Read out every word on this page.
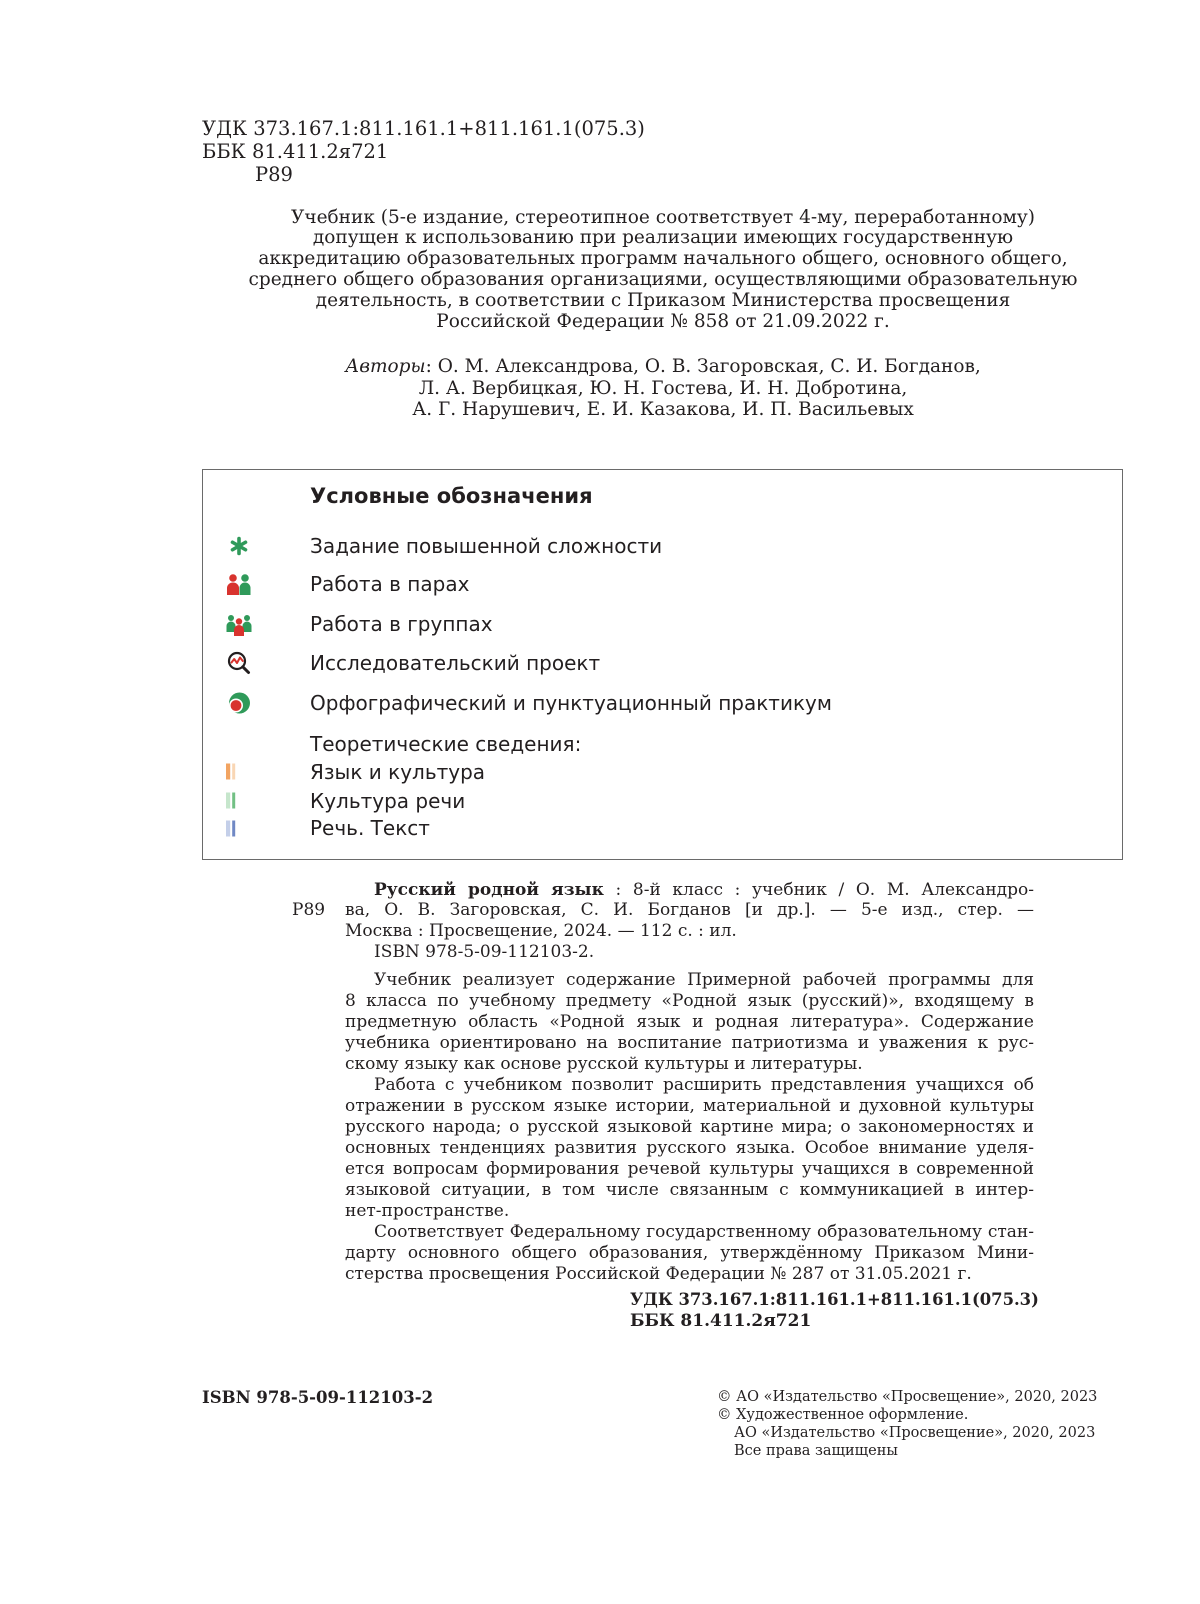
УДК 373.167.1:811.161.1+811.161.1(075.3)
ББК 81.411.2я721
Р89
Учебник (5-е издание, стереотипное соответствует 4-му, переработанному)
допущен к использованию при реализации имеющих государственную
аккредитацию образовательных программ начального общего, основного общего,
среднего общего образования организациями, осуществляющими образовательную
деятельность, в соответствии с Приказом Министерства просвещения
Российской Федерации № 858 от 21.09.2022 г.
Авторы: О. М. Александрова, О. В. Загоровская, С. И. Богданов,
Л. А. Вербицкая, Ю. Н. Гостева, И. Н. Добротина,
А. Г. Нарушевич, Е. И. Казакова, И. П. Васильевых
Условные обозначения
Задание повышенной сложности
Работа в парах
Работа в группах
Исследовательский проект
Орфографический и пунктуационный практикум
Теоретические сведения:
Язык и культура
Культура речи
Речь. Текст
Р89
Русский родной язык : 8-й класс : учебник / О. М. Александро-
ва, О. В. Загоровская, С. И. Богданов [и др.]. — 5-е изд., стер. —
Москва : Просвещение, 2024. — 112 с. : ил.
ISBN 978-5-09-112103-2.
Учебник реализует содержание Примерной рабочей программы для
8 класса по учебному предмету «Родной язык (русский)», входящему в
предметную область «Родной язык и родная литература». Содержание
учебника ориентировано на воспитание патриотизма и уважения к рус-
скому языку как основе русской культуры и литературы.
Работа с учебником позволит расширить представления учащихся об
отражении в русском языке истории, материальной и духовной культуры
русского народа; о русской языковой картине мира; о закономерностях и
основных тенденциях развития русского языка. Особое внимание уделя-
ется вопросам формирования речевой культуры учащихся в современной
языковой ситуации, в том числе связанным с коммуникацией в интер-
нет-пространстве.
Соответствует Федеральному государственному образовательному стан-
дарту основного общего образования, утверждённому Приказом Мини-
стерства просвещения Российской Федерации № 287 от 31.05.2021 г.
УДК 373.167.1:811.161.1+811.161.1(075.3)
ББК 81.411.2я721
ISBN 978-5-09-112103-2	© АО «Издательство «Просвещение», 2020, 2023
© Художественное оформление.
АО «Издательство «Просвещение», 2020, 2023
Все права защищены
